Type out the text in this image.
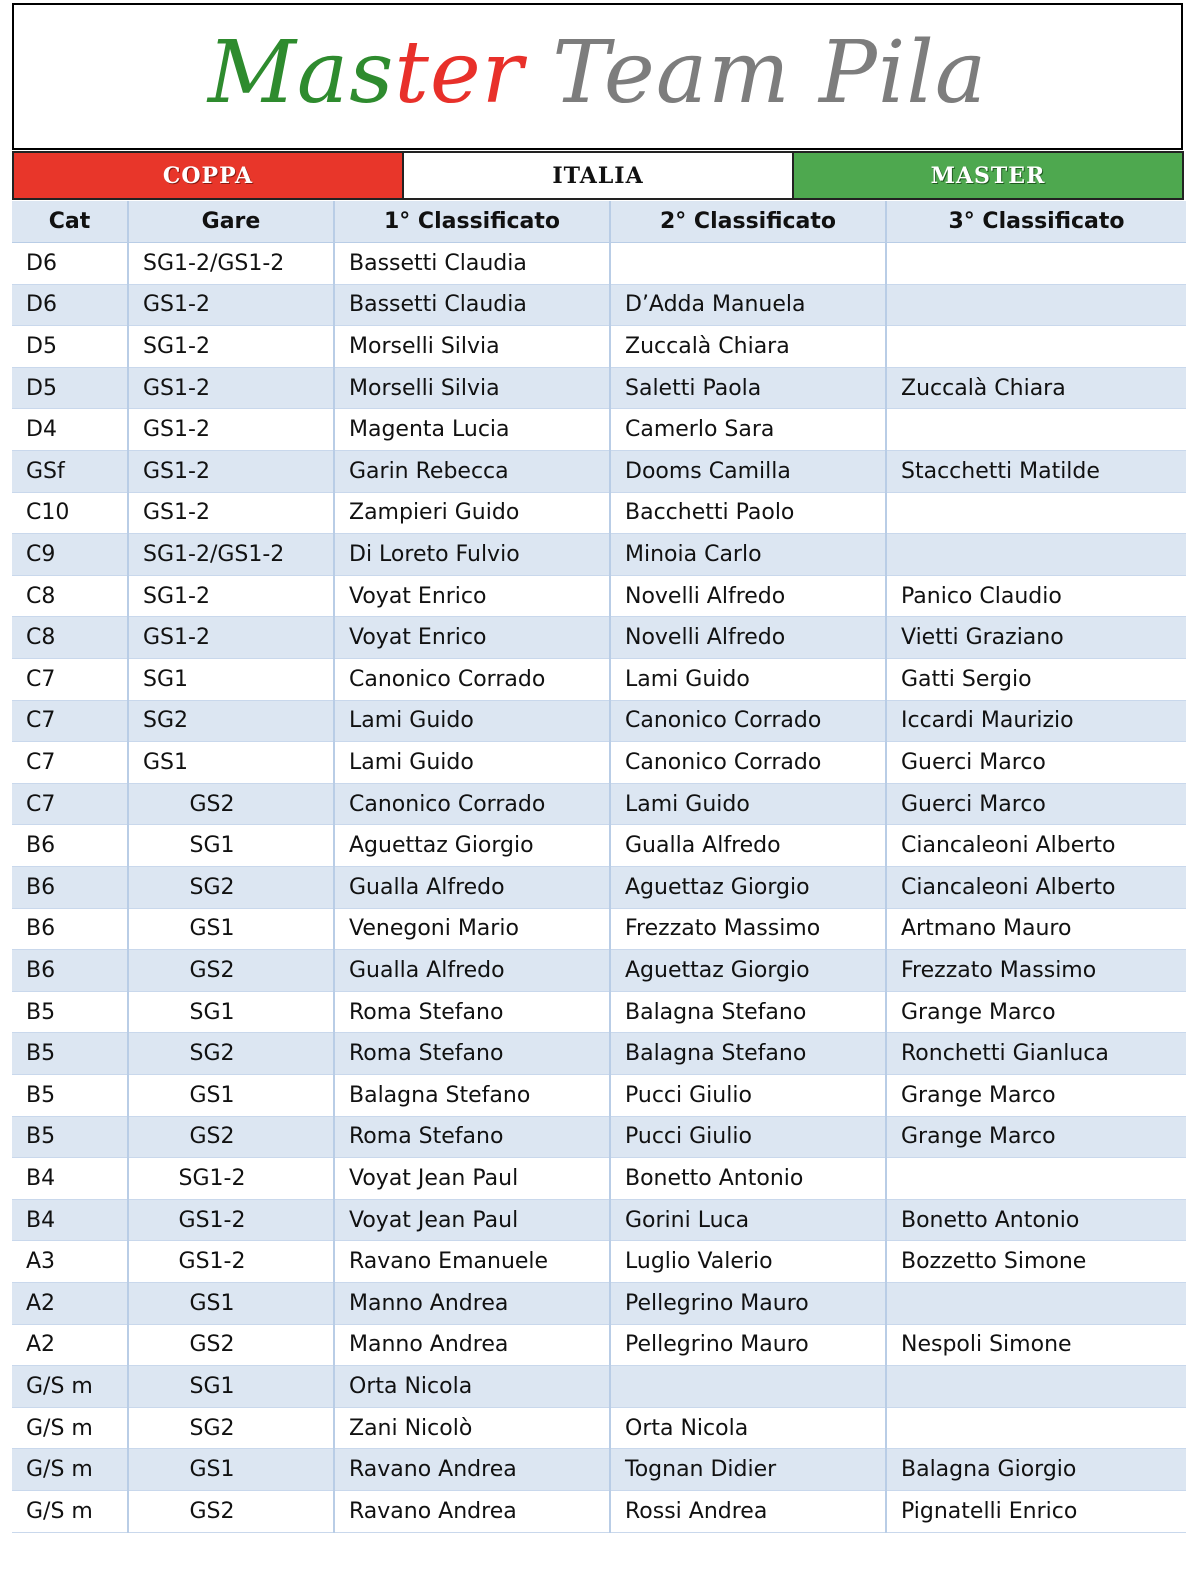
Master Team Pila
COPPA	ITALIA	MASTER
Cat	Gare	1° Classificato	2° Classificato	3° Classificato
D6	SG1-2/GS1-2	Bassetti Claudia		
D6	GS1-2	Bassetti Claudia	D’Adda Manuela	
D5	SG1-2	Morselli Silvia	Zuccalà Chiara	
D5	GS1-2	Morselli Silvia	Saletti Paola	Zuccalà Chiara
D4	GS1-2	Magenta Lucia	Camerlo Sara	
GSf	GS1-2	Garin Rebecca	Dooms Camilla	Stacchetti Matilde
C10	GS1-2	Zampieri Guido	Bacchetti Paolo	
C9	SG1-2/GS1-2	Di Loreto Fulvio	Minoia Carlo	
C8	SG1-2	Voyat Enrico	Novelli Alfredo	Panico Claudio
C8	GS1-2	Voyat Enrico	Novelli Alfredo	Vietti Graziano
C7	SG1	Canonico Corrado	Lami Guido	Gatti Sergio
C7	SG2	Lami Guido	Canonico Corrado	Iccardi Maurizio
C7	GS1	Lami Guido	Canonico Corrado	Guerci Marco
C7	GS2	Canonico Corrado	Lami Guido	Guerci Marco
B6	SG1	Aguettaz Giorgio	Gualla Alfredo	Ciancaleoni Alberto
B6	SG2	Gualla Alfredo	Aguettaz Giorgio	Ciancaleoni Alberto
B6	GS1	Venegoni Mario	Frezzato Massimo	Artmano Mauro
B6	GS2	Gualla Alfredo	Aguettaz Giorgio	Frezzato Massimo
B5	SG1	Roma Stefano	Balagna Stefano	Grange Marco
B5	SG2	Roma Stefano	Balagna Stefano	Ronchetti Gianluca
B5	GS1	Balagna Stefano	Pucci Giulio	Grange Marco
B5	GS2	Roma Stefano	Pucci Giulio	Grange Marco
B4	SG1-2	Voyat Jean Paul	Bonetto Antonio	
B4	GS1-2	Voyat Jean Paul	Gorini Luca	Bonetto Antonio
A3	GS1-2	Ravano Emanuele	Luglio Valerio	Bozzetto Simone
A2	GS1	Manno Andrea	Pellegrino Mauro	
A2	GS2	Manno Andrea	Pellegrino Mauro	Nespoli Simone
G/S m	SG1	Orta Nicola		
G/S m	SG2	Zani Nicolò	Orta Nicola	
G/S m	GS1	Ravano Andrea	Tognan Didier	Balagna Giorgio
G/S m	GS2	Ravano Andrea	Rossi Andrea	Pignatelli Enrico
